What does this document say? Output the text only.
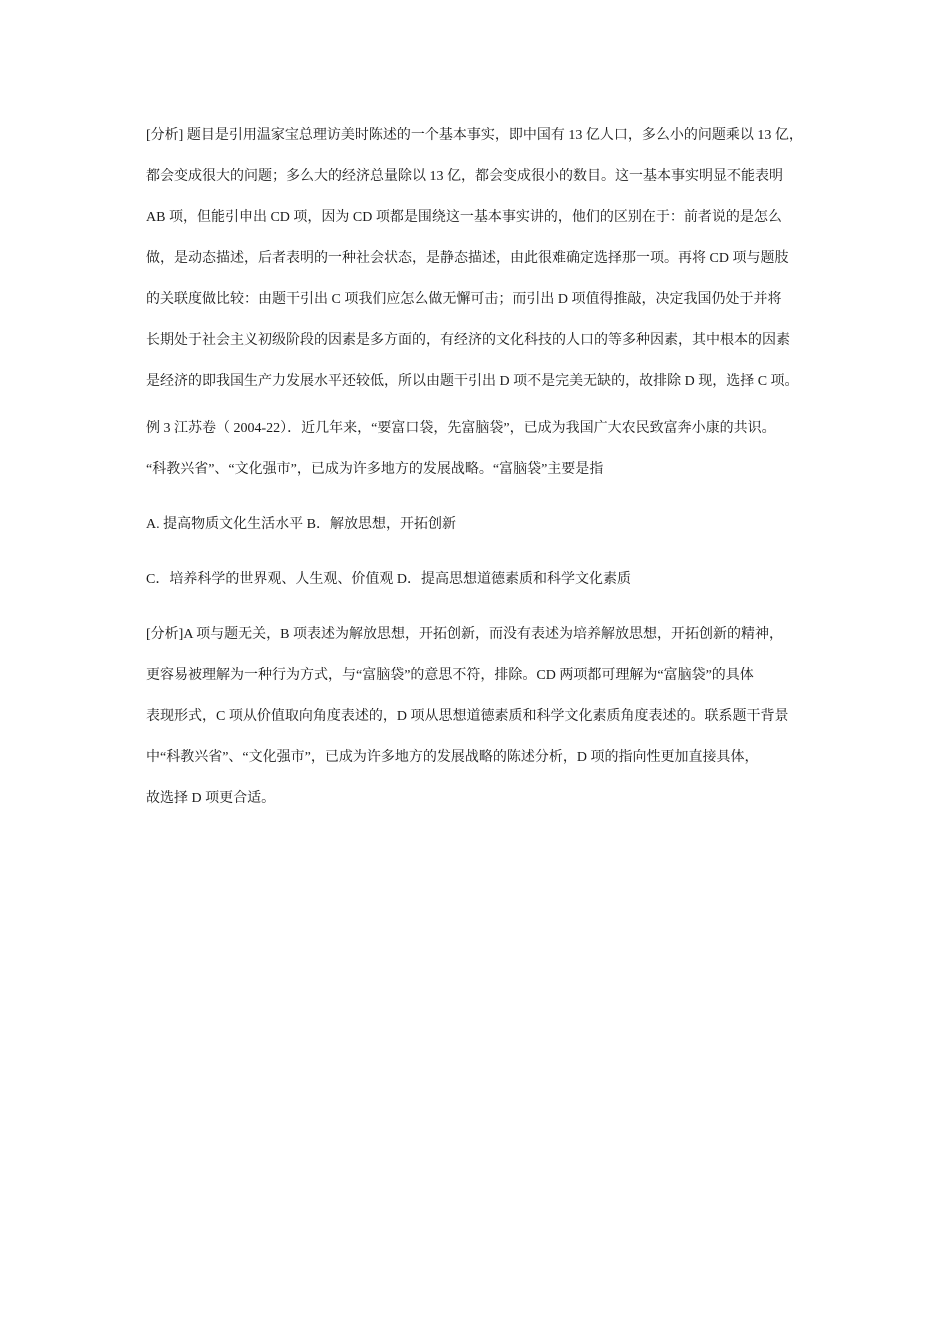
[分析] 题目是引用温家宝总理访美时陈述的一个基本事实，即中国有 13 亿人口，多么小的问题乘以 13 亿，
都会变成很大的问题；多么大的经济总量除以 13 亿，都会变成很小的数目。这一基本事实明显不能表明
AB 项，但能引申出 CD 项，因为 CD 项都是围绕这一基本事实讲的，他们的区别在于：前者说的是怎么
做，是动态描述，后者表明的一种社会状态，是静态描述，由此很难确定选择那一项。再将 CD 项与题肢
的关联度做比较：由题干引出 C 项我们应怎么做无懈可击；而引出 D 项值得推敲，决定我国仍处于并将
长期处于社会主义初级阶段的因素是多方面的，有经济的文化科技的人口的等多种因素，其中根本的因素
是经济的即我国生产力发展水平还较低，所以由题干引出 D 项不是完美无缺的，故排除 D 现，选择 C 项。
例 3 江苏卷（ 2004-22）．近几年来，“要富口袋，先富脑袋”，已成为我国广大农民致富奔小康的共识。
“科教兴省”、“文化强市”，已成为许多地方的发展战略。“富脑袋”主要是指
A. 提高物质文化生活水平 B．解放思想，开拓创新
C．培养科学的世界观、人生观、价值观 D．提高思想道德素质和科学文化素质
[分析]A 项与题无关，B 项表述为解放思想，开拓创新，而没有表述为培养解放思想，开拓创新的精神，
更容易被理解为一种行为方式，与“富脑袋”的意思不符，排除。CD 两项都可理解为“富脑袋”的具体
表现形式，C 项从价值取向角度表述的，D 项从思想道德素质和科学文化素质角度表述的。联系题干背景
中“科教兴省”、“文化强市”，已成为许多地方的发展战略的陈述分析，D 项的指向性更加直接具体，
故选择 D 项更合适。
